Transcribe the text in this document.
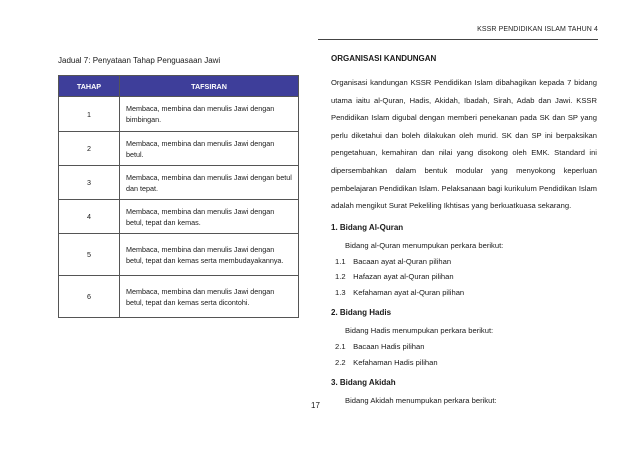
KSSR PENDIDIKAN ISLAM TAHUN 4
Jadual 7: Penyataan Tahap Penguasaan Jawi
TAHAP	TAFSIRAN
1	Membaca, membina dan menulis Jawi dengan bimbingan.
2	Membaca, membina dan menulis Jawi dengan betul.
3	Membaca, membina dan menulis Jawi dengan betul dan tepat.
4	Membaca, membina dan menulis Jawi dengan betul, tepat dan kemas.
5	Membaca, membina dan menulis Jawi dengan betul, tepat dan kemas serta membudayakannya.
6	Membaca, membina dan menulis Jawi dengan betul, tepat dan kemas serta dicontohi.
ORGANISASI KANDUNGAN

Organisasi kandungan KSSR Pendidikan Islam dibahagikan kepada 7 bidang utama iaitu al-Quran, Hadis, Akidah, Ibadah, Sirah, Adab dan Jawi. KSSR Pendidikan Islam digubal dengan memberi penekanan pada SK dan SP yang perlu diketahui dan boleh dilakukan oleh murid. SK dan SP ini berpaksikan pengetahuan, kemahiran dan nilai yang disokong oleh EMK. Standard ini dipersembahkan dalam bentuk modular yang menyokong keperluan pembelajaran Pendidikan Islam. Pelaksanaan bagi kurikulum Pendidikan Islam adalah mengikut Surat Pekeliling Ikhtisas yang berkuatkuasa sekarang.

1. Bidang Al-Quran
Bidang al-Quran menumpukan perkara berikut:
1.1 Bacaan ayat al-Quran pilihan
1.2 Hafazan ayat al-Quran pilihan
1.3 Kefahaman ayat al-Quran pilihan
2. Bidang Hadis
Bidang Hadis menumpukan perkara berikut:
2.1 Bacaan Hadis pilihan
2.2 Kefahaman Hadis pilihan
3. Bidang Akidah
Bidang Akidah menumpukan perkara berikut:
17
